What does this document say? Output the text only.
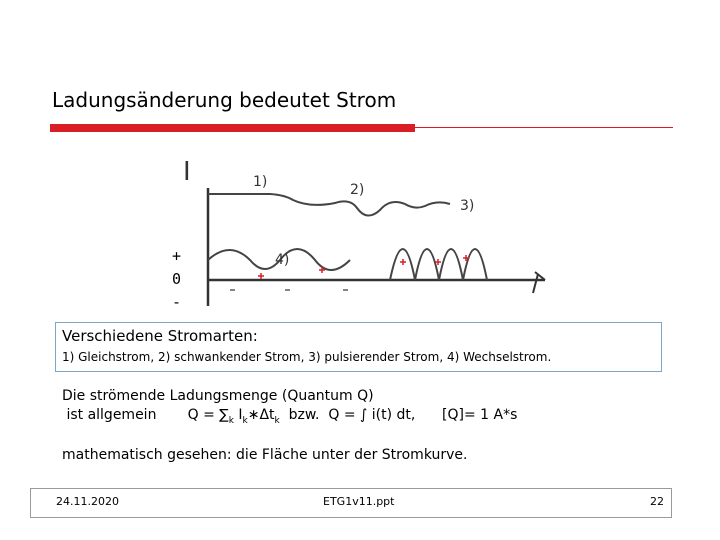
Ladungsänderung bedeutet Strom
I	1)	2)
3)
4)
+
0
-
Verschiedene Stromarten:
1) Gleichstrom, 2) schwankender Strom, 3) pulsierender Strom, 4) Wechselstrom.
Die strömende Ladungsmenge (Quantum Q)
ist allgemein       $Q = \sum_k$ $I_k∗\Delta t_k$  bzw.  Q = ∫ i(t) dt,      [Q]= 1 A*s
mathematisch gesehen: die Fläche unter der Stromkurve.
24.11.2020	ETG1v11.ppt	22
